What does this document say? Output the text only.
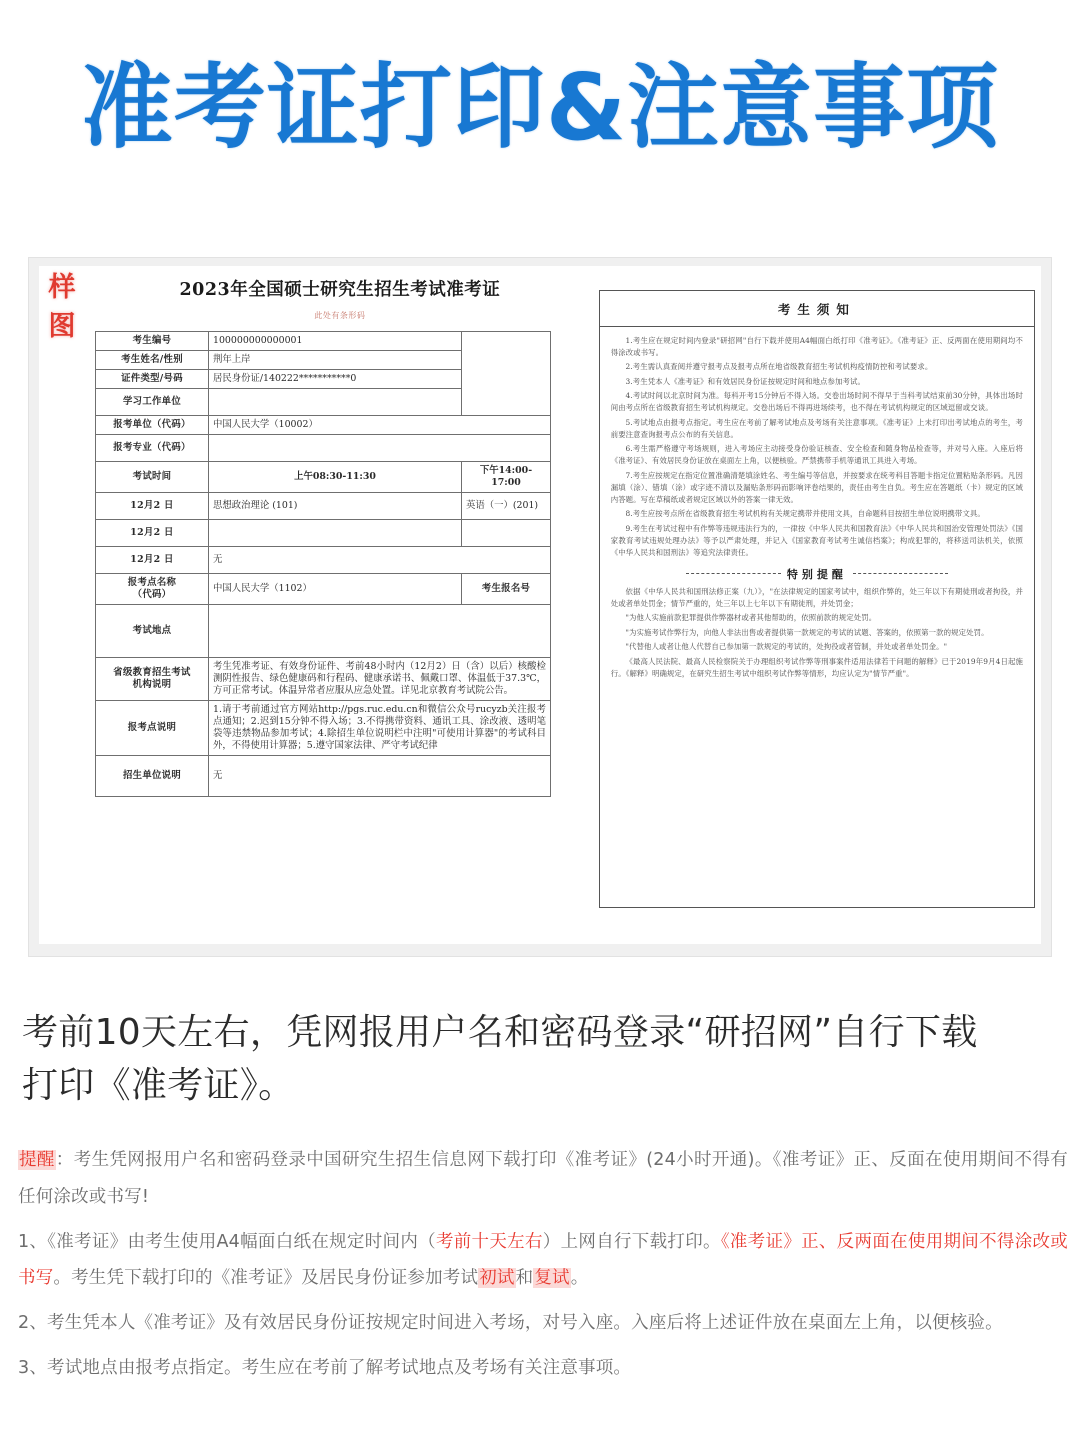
准考证打印&注意事项
样
图
2023年全国硕士研究生招生考试准考证
此处有条形码
考生编号	100000000000001	
考生姓名/性别	荆年上岸	
证件类型/号码	居民身份证/140222***********0	
学习工作单位		
报考单位（代码）	中国人民大学（10002）	
报考专业（代码）		
考试时间	上午08:30-11:30	下午14:00-17:00
12月2 日	思想政治理论 (101)	英语（一）(201)
12月2 日		
12月2 日	无	
报考点名称
（代码）	中国人民大学（1102）	考生报名号
考试地点		
省级教育招生考试
机构说明	考生凭准考证、有效身份证件、考前48小时内（12月2）日（含）以后）核酸检测阴性报告、绿色健康码和行程码、健康承诺书、佩戴口罩、体温低于37.3℃，方可正常考试。体温异常者应服从应急处置。详见北京教育考试院公告。	
报考点说明	1.请于考前通过官方网站http://pgs.ruc.edu.cn和微信公众号rucyzb关注报考点通知；2.迟到15分钟不得入场；3.不得携带资料、通讯工具、涂改液、透明笔袋等违禁物品参加考试；4.除招生单位说明栏中注明"可使用计算器"的考试科目外，不得使用计算器；5.遵守国家法律、严守考试纪律	
招生单位说明	无	
考生须知

1.考生应在规定时间内登录"研招网"自行下载并使用A4幅面白纸打印《准考证》。《准考证》正、反两面在使用期间均不得涂改或书写。

2.考生需认真查阅并遵守报考点及报考点所在地省级教育招生考试机构疫情防控和考试要求。

3.考生凭本人《准考证》和有效居民身份证按规定时间和地点参加考试。

4.考试时间以北京时间为准。每科开考15分钟后不得入场。交卷出场时间不得早于当科考试结束前30分钟，具体出场时间由考点所在省级教育招生考试机构规定。交卷出场后不得再进场续考，也不得在考试机构规定的区域逗留或交谈。

5.考试地点由报考点指定。考生应在考前了解考试地点及考场有关注意事项。《准考证》上未打印出考试地点的考生，考前要注意查询报考点公布的有关信息。

6.考生需严格遵守考场规则，进入考场应主动接受身份验证核查、安全检查和随身物品检查等，并对号入座。入座后将《准考证》、有效居民身份证放在桌面左上角，以便核验。严禁携带手机等通讯工具进入考场。

7.考生应按规定在指定位置准确清楚填涂姓名、考生编号等信息，并按要求在统考科目答题卡指定位置粘贴条形码。凡因漏填（涂）、错填（涂）或字迹不清以及漏贴条形码而影响评卷结果的，责任由考生自负。考生应在答题纸（卡）规定的区域内答题。写在草稿纸或者规定区域以外的答案一律无效。

8.考生应按考点所在省级教育招生考试机构有关规定携带并使用文具，自命题科目按招生单位说明携带文具。

9.考生在考试过程中有作弊等违规违法行为的，一律按《中华人民共和国教育法》《中华人民共和国治安管理处罚法》《国家教育考试违规处理办法》等予以严肃处理，并记入《国家教育考试考生诚信档案》；构成犯罪的，将移送司法机关，依照《中华人民共和国刑法》等追究法律责任。

特别提醒

依据《中华人民共和国刑法修正案（九）》，"在法律规定的国家考试中，组织作弊的，处三年以下有期徒刑或者拘役，并处或者单处罚金；情节严重的，处三年以上七年以下有期徒刑，并处罚金；

"为他人实施前款犯罪提供作弊器材或者其他帮助的，依照前款的规定处罚。

"为实施考试作弊行为，向他人非法出售或者提供第一款规定的考试的试题、答案的，依照第一款的规定处罚。

"代替他人或者让他人代替自己参加第一款规定的考试的，处拘役或者管制，并处或者单处罚金。"

《最高人民法院、最高人民检察院关于办理组织考试作弊等刑事案件适用法律若干问题的解释》已于2019年9月4日起施行。《解释》明确规定，在研究生招生考试中组织考试作弊等情形，均应认定为"情节严重"。

考前10天左右，凭网报用户名和密码登录“研招网”自行下载
打印《准考证》。

提醒：考生凭网报用户名和密码登录中国研究生招生信息网下载打印《准考证》(24小时开通)。《准考证》正、反面在使用期间不得有任何涂改或书写!

1、《准考证》由考生使用A4幅面白纸在规定时间内（考前十天左右）上网自行下载打印。《准考证》正、反两面在使用期间不得涂改或书写。考生凭下载打印的《准考证》及居民身份证参加考试初试和复试。

2、考生凭本人《准考证》及有效居民身份证按规定时间进入考场，对号入座。入座后将上述证件放在桌面左上角，以便核验。

3、考试地点由报考点指定。考生应在考前了解考试地点及考场有关注意事项。
